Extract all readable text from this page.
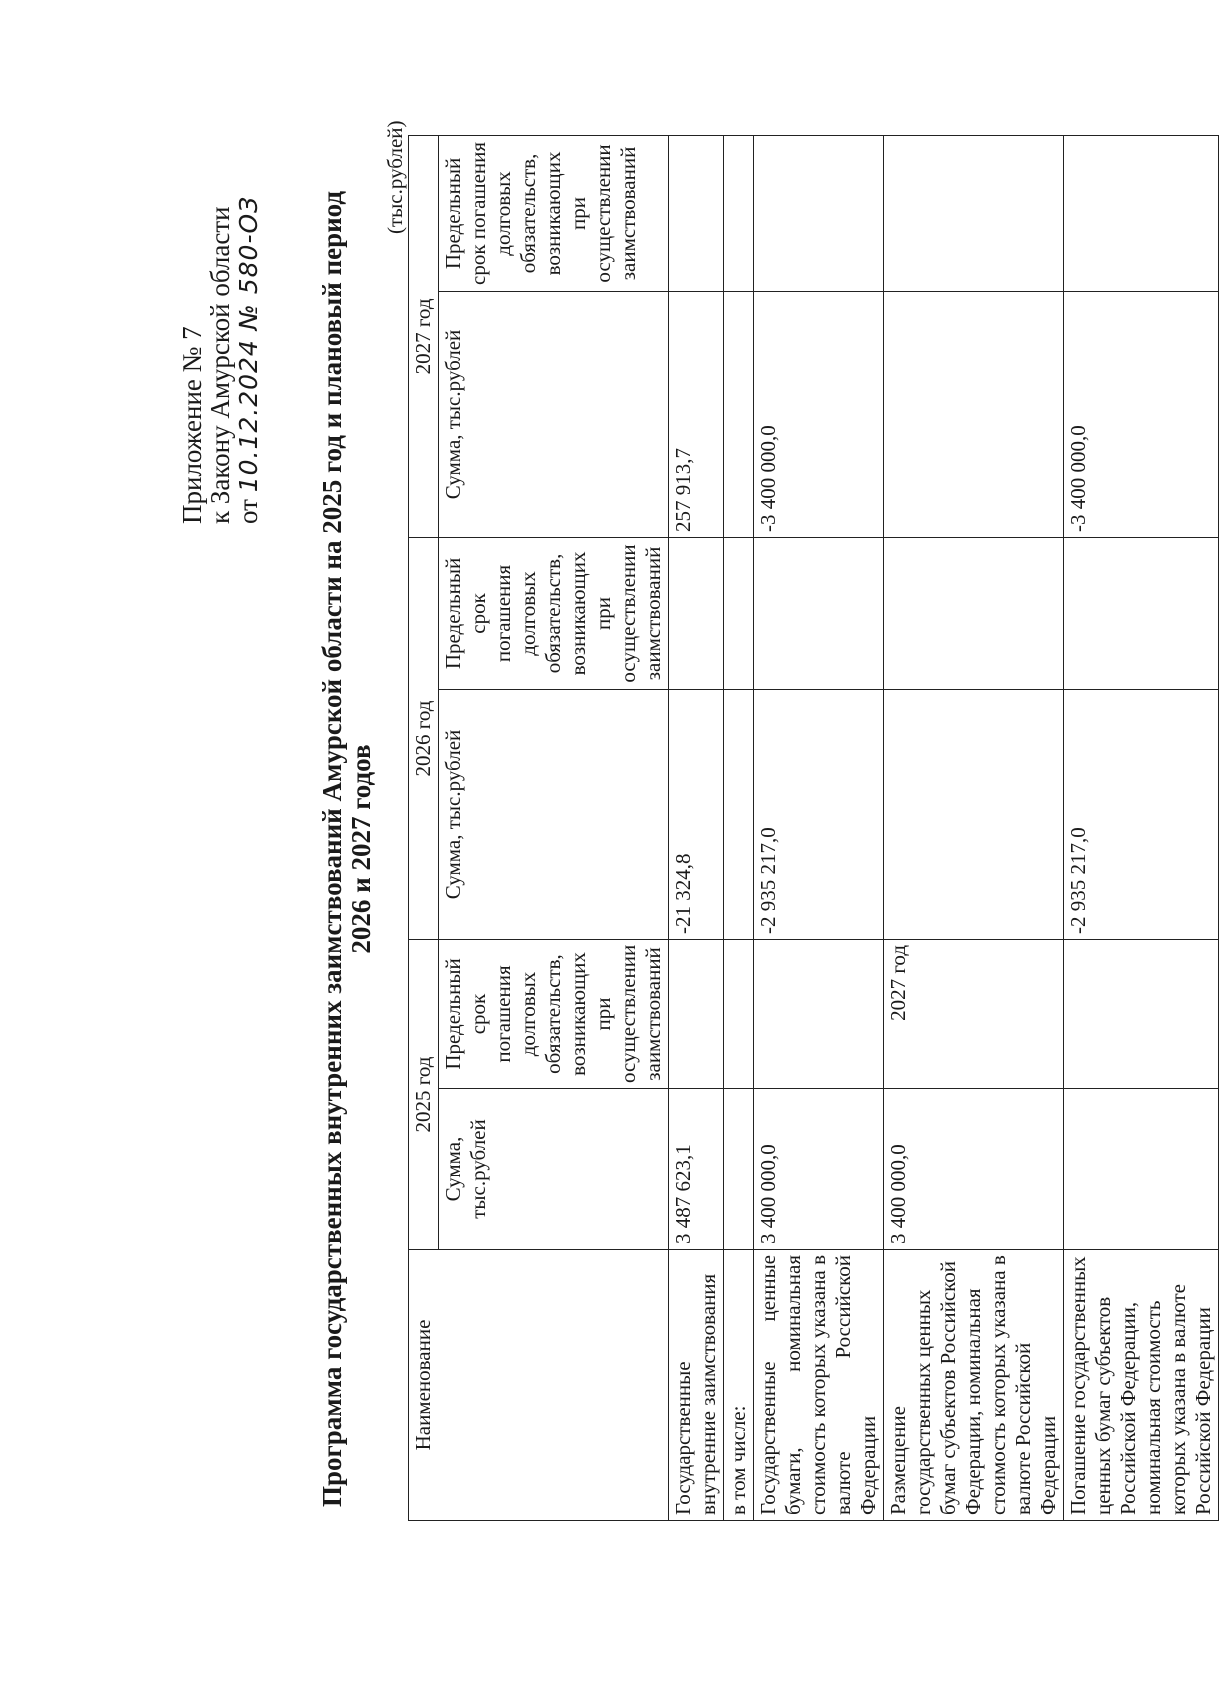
Приложение № 7
к Закону Амурской области
от 10.12.2024 № 580-ОЗ Программа государственных внутренних заимствований Амурской области на 2025 год и плановый период 2026 и 2027 годов
(тыс.рублей)
Наименование	2025 год		2026 год		2027 год	
	Сумма, тыс.рублей	Предельный срок погашения долговых обязательств, возникающих при осуществлении заимствований	Сумма, тыс.рублей	Предельный срок погашения долговых обязательств, возникающих при осуществлении заимствований	Сумма, тыс.рублей	Предельный срок погашения долговых обязательств, возникающих при осуществлении заимствований
Государственные внутренние заимствования	3 487 623,1		-21 324,8		257 913,7	
в том числе:						
Государственные ценные бумаги, номинальная стоимость которых указана в валюте Российской Федерации	3 400 000,0		-2 935 217,0		-3 400 000,0	
Размещение государственных ценных бумаг субъектов Российской Федерации, номинальная стоимость которых указана в валюте Российской Федерации	3 400 000,0	2027 год				
Погашение государственных ценных бумаг субъектов Российской Федерации, номинальная стоимость которых указана в валюте Российской Федерации			-2 935 217,0		-3 400 000,0	
